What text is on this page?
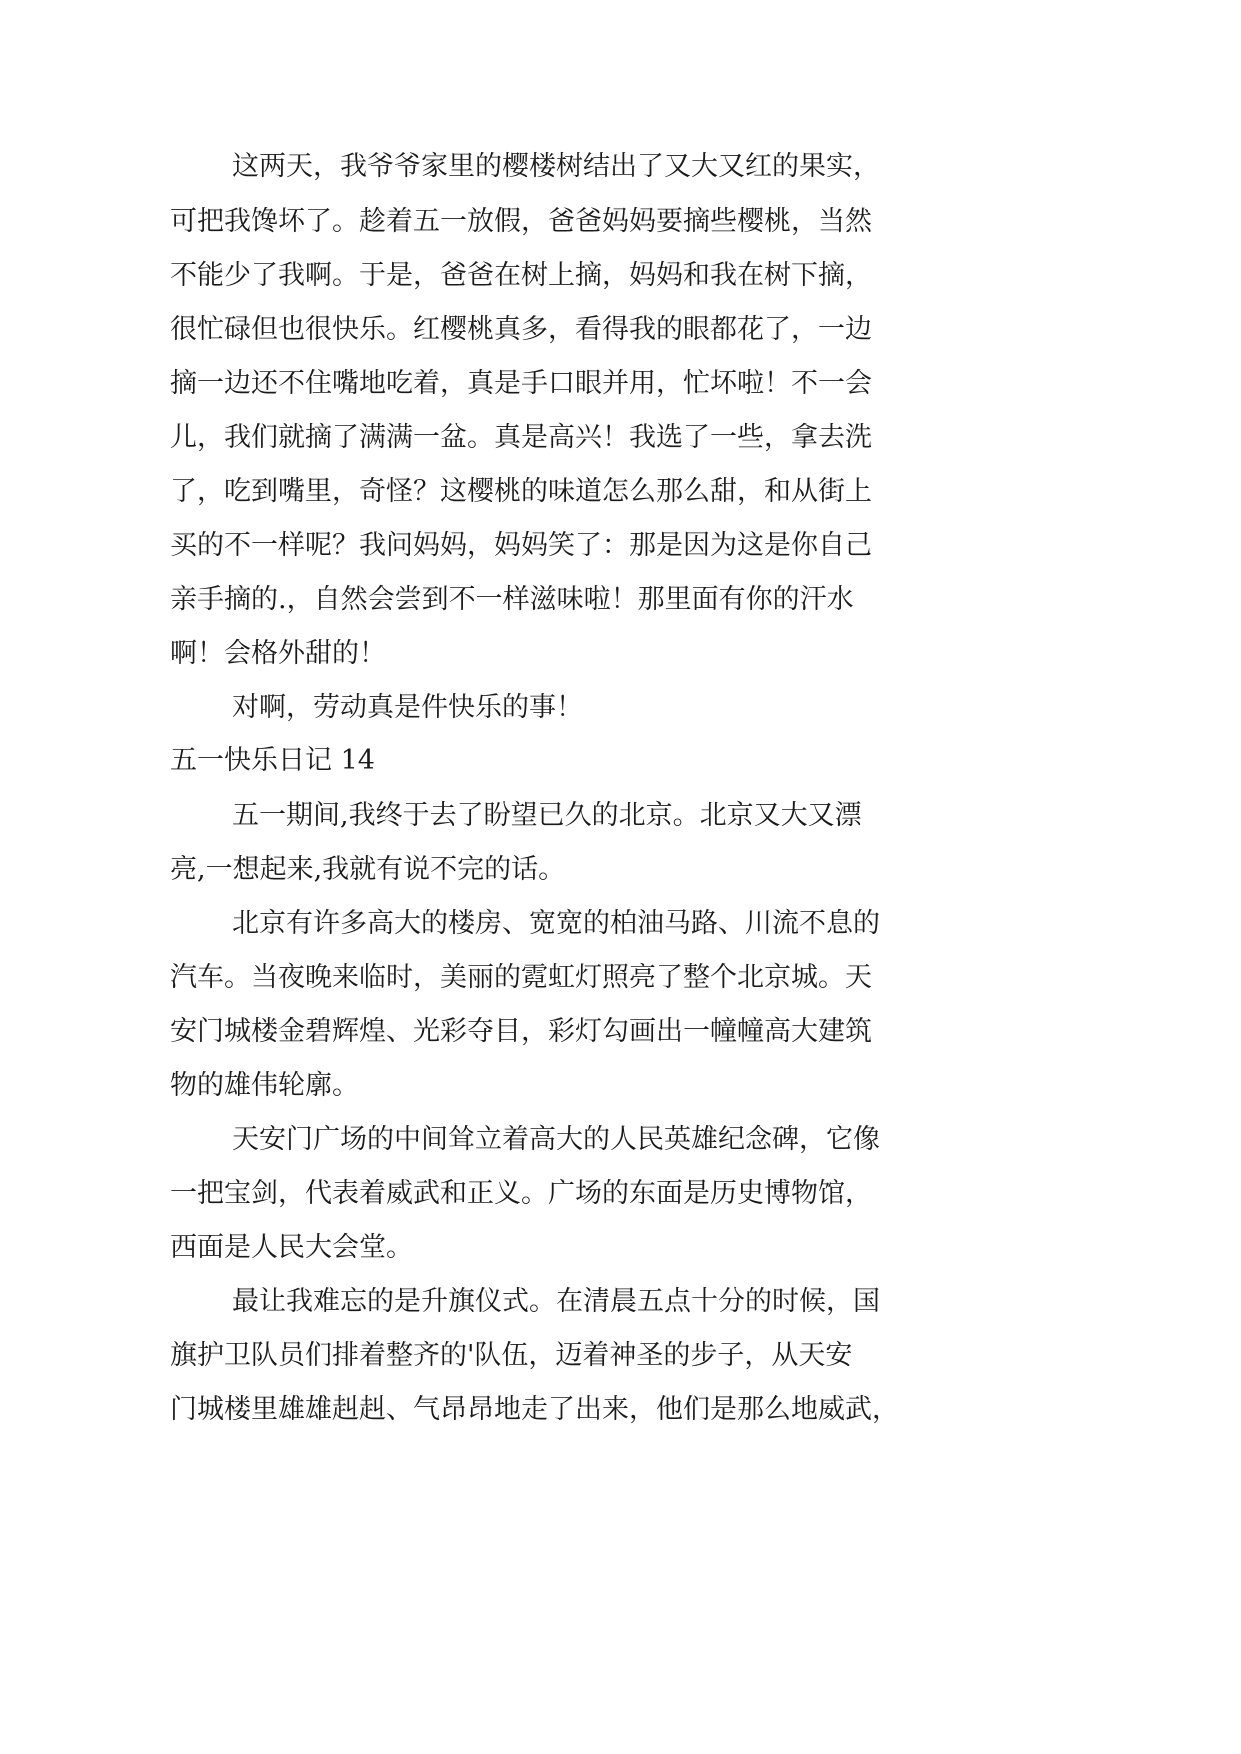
这两天，我爷爷家里的樱楼树结出了又大又红的果实，
可把我馋坏了。趁着五一放假，爸爸妈妈要摘些樱桃，当然
不能少了我啊。于是，爸爸在树上摘，妈妈和我在树下摘，
很忙碌但也很快乐。红樱桃真多，看得我的眼都花了，一边
摘一边还不住嘴地吃着，真是手口眼并用，忙坏啦！不一会
儿，我们就摘了满满一盆。真是高兴！我选了一些，拿去洗
了，吃到嘴里，奇怪？这樱桃的味道怎么那么甜，和从街上
买的不一样呢？我问妈妈，妈妈笑了：那是因为这是你自己
亲手摘的.，自然会尝到不一样滋味啦！那里面有你的汗水
啊！会格外甜的！
对啊，劳动真是件快乐的事！
五一快乐日记 14
五一期间,我终于去了盼望已久的北京。北京又大又漂
亮,一想起来,我就有说不完的话。
北京有许多高大的楼房、宽宽的柏油马路、川流不息的
汽车。当夜晚来临时，美丽的霓虹灯照亮了整个北京城。天
安门城楼金碧辉煌、光彩夺目，彩灯勾画出一幢幢高大建筑
物的雄伟轮廓。
天安门广场的中间耸立着高大的人民英雄纪念碑，它像
一把宝剑，代表着威武和正义。广场的东面是历史博物馆，
西面是人民大会堂。
最让我难忘的是升旗仪式。在清晨五点十分的时候，国
旗护卫队员们排着整齐的'队伍，迈着神圣的步子，从天安
门城楼里雄雄赳赳、气昂昂地走了出来，他们是那么地威武，
